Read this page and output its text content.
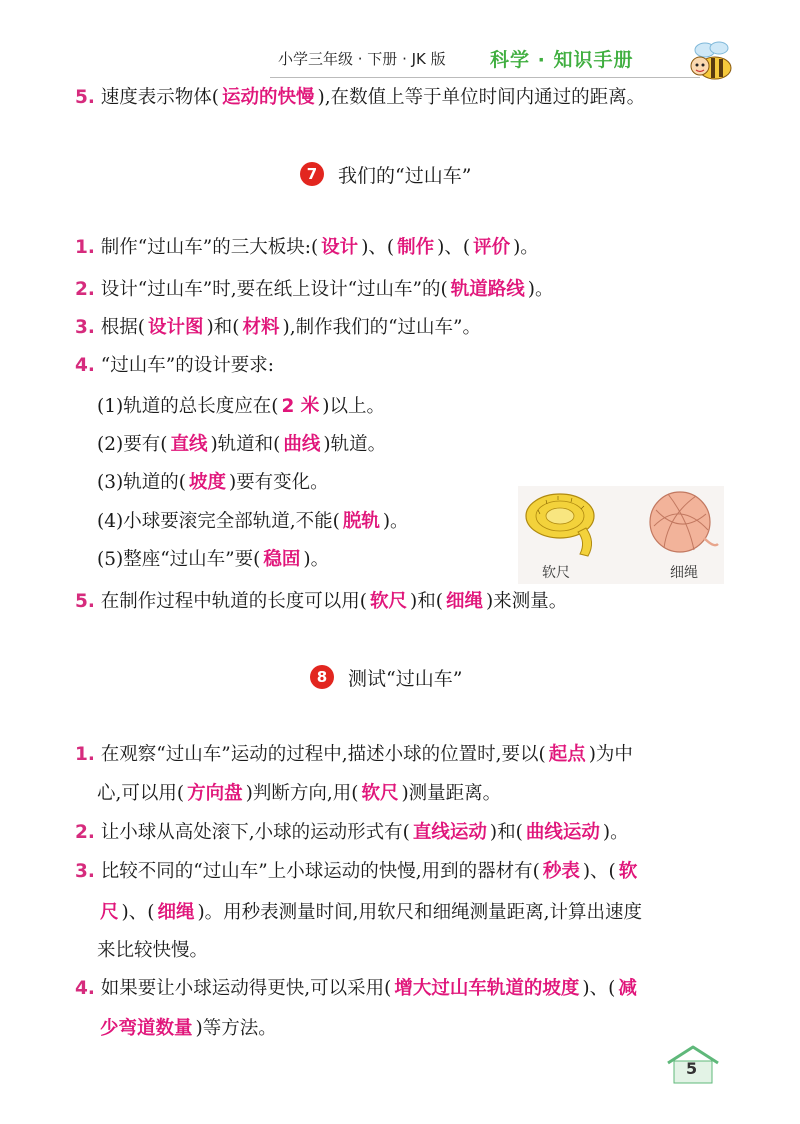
小学三年级 · 下册 · JK 版 科学 · 知识手册
5. 速度表示物体( 运动的快慢 ),在数值上等于单位时间内通过的距离。
7	我们的“过山车”
1. 制作“过山车”的三大板块:( 设计 )、( 制作 )、( 评价 )。
2. 设计“过山车”时,要在纸上设计“过山车”的( 轨道路线 )。
3. 根据( 设计图 )和( 材料 ),制作我们的“过山车”。
4. “过山车”的设计要求:
(1)轨道的总长度应在( 2 米 )以上。
(2)要有( 直线 )轨道和( 曲线 )轨道。
(3)轨道的( 坡度 )要有变化。
(4)小球要滚完全部轨道,不能( 脱轨 )。
(5)整座“过山车”要( 稳固 )。
软尺	细绳
5. 在制作过程中轨道的长度可以用( 软尺 )和( 细绳 )来测量。
8	测试“过山车”
1. 在观察“过山车”运动的过程中,描述小球的位置时,要以( 起点 )为中
心,可以用( 方向盘 )判断方向,用( 软尺 )测量距离。
2. 让小球从高处滚下,小球的运动形式有( 直线运动 )和( 曲线运动 )。
3. 比较不同的“过山车”上小球运动的快慢,用到的器材有( 秒表 )、( 软
尺 )、( 细绳 )。用秒表测量时间,用软尺和细绳测量距离,计算出速度
来比较快慢。
4. 如果要让小球运动得更快,可以采用( 增大过山车轨道的坡度 )、( 减
少弯道数量 )等方法。
5
